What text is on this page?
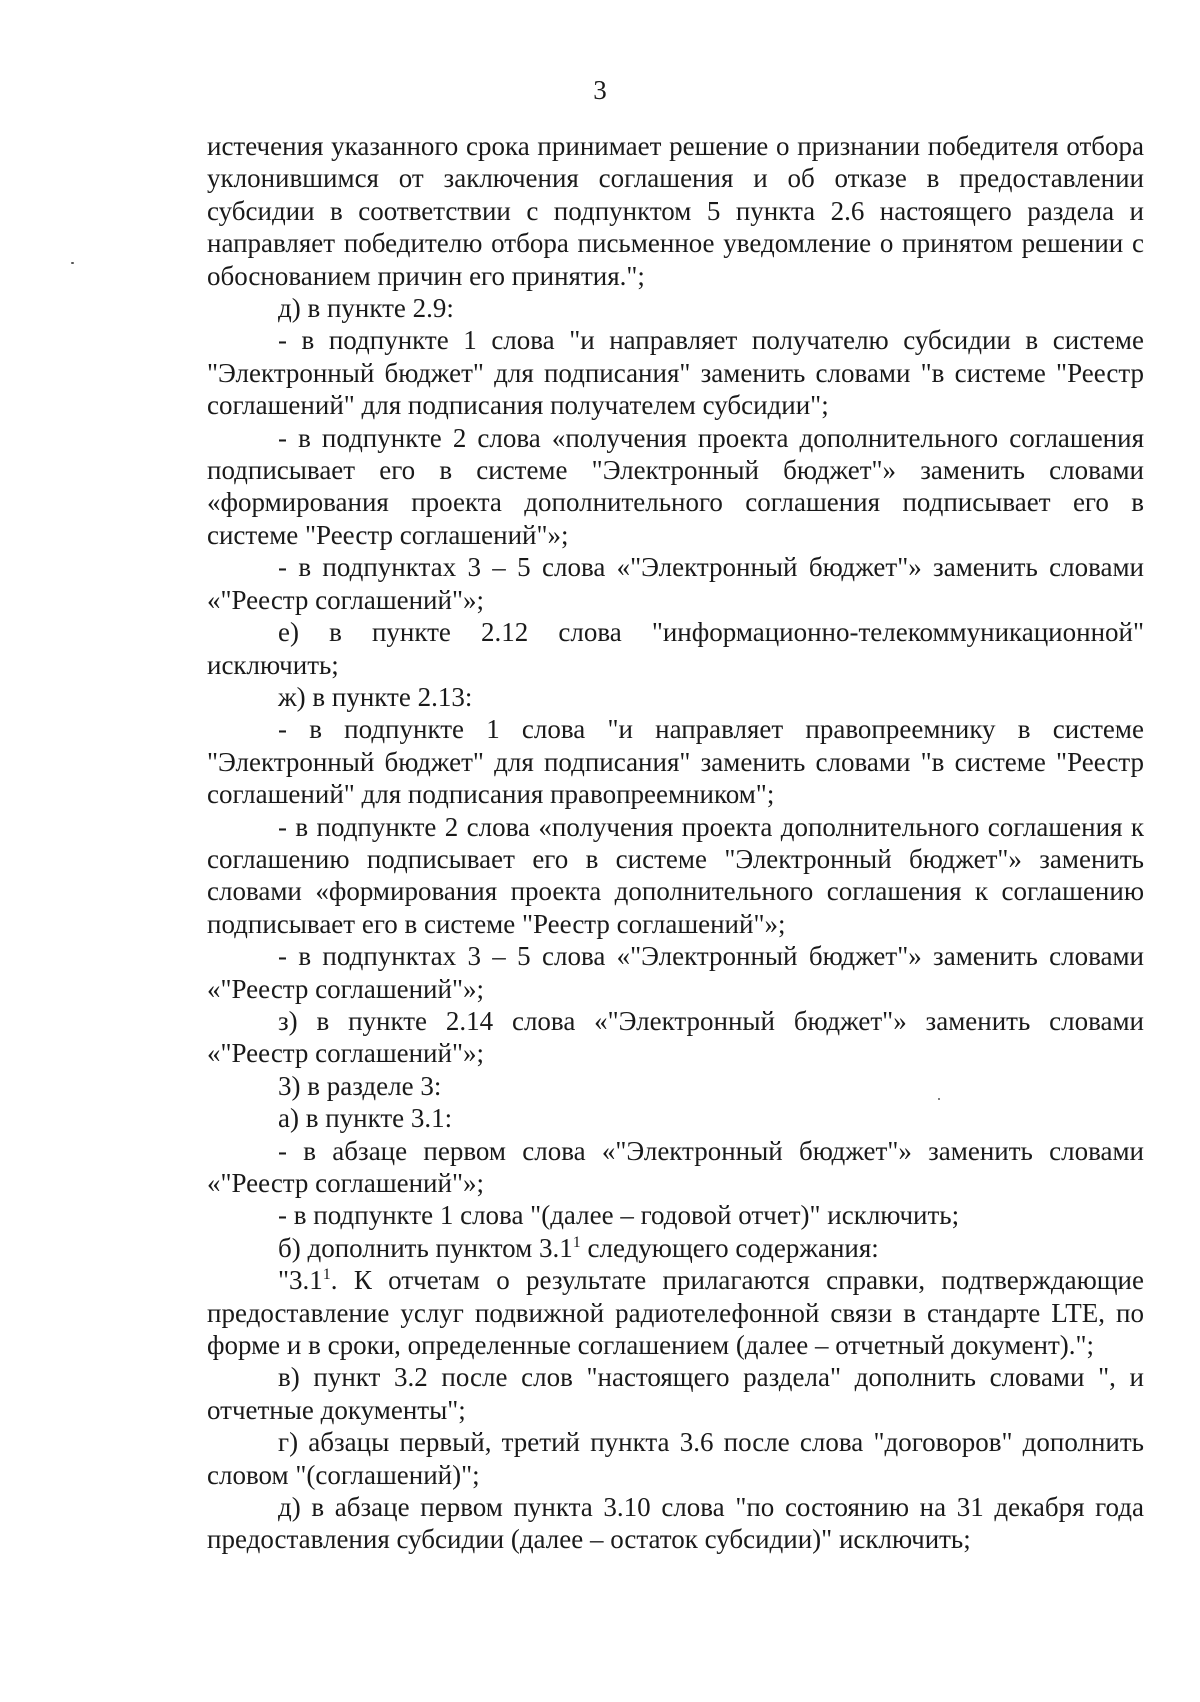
3

истечения указанного срока принимает решение о признании победителя отбора уклонившимся от заключения соглашения и об отказе в предоставлении субсидии в соответствии с подпунктом 5 пункта 2.6 настоящего раздела и направляет победителю отбора письменное уведомление о принятом решении с обоснованием причин его принятия.";

д) в пункте 2.9:

- в подпункте 1 слова "и направляет получателю субсидии в системе "Электронный бюджет" для подписания" заменить словами "в системе "Реестр соглашений" для подписания получателем субсидии";

- в подпункте 2 слова «получения проекта дополнительного соглашения подписывает его в системе "Электронный бюджет"» заменить словами «формирования проекта дополнительного соглашения подписывает его в системе "Реестр соглашений"»;

- в подпунктах 3 – 5 слова «"Электронный бюджет"» заменить словами «"Реестр соглашений"»;

е) в пункте 2.12 слова "информационно-телекоммуникационной" исключить;

ж) в пункте 2.13:

- в подпункте 1 слова "и направляет правопреемнику в системе "Электронный бюджет" для подписания" заменить словами "в системе "Реестр соглашений" для подписания правопреемником";

- в подпункте 2 слова «получения проекта дополнительного соглашения к соглашению подписывает его в системе "Электронный бюджет"» заменить словами «формирования проекта дополнительного соглашения к соглашению подписывает его в системе "Реестр соглашений"»;

- в подпунктах 3 – 5 слова «"Электронный бюджет"» заменить словами «"Реестр соглашений"»;

з) в пункте 2.14 слова «"Электронный бюджет"» заменить словами «"Реестр соглашений"»;

3) в разделе 3:

а) в пункте 3.1:

- в абзаце первом слова «"Электронный бюджет"» заменить словами «"Реестр соглашений"»;

- в подпункте 1 слова "(далее – годовой отчет)" исключить;

б) дополнить пунктом $3.1^1$ следующего содержания:

"$3.1^1$. К отчетам о результате прилагаются справки, подтверждающие предоставление услуг подвижной радиотелефонной связи в стандарте LTE, по форме и в сроки, определенные соглашением (далее – отчетный документ).";

в) пункт 3.2 после слов "настоящего раздела" дополнить словами ", и отчетные документы";

г) абзацы первый, третий пункта 3.6 после слова "договоров" дополнить словом "(соглашений)";

д) в абзаце первом пункта 3.10 слова "по состоянию на 31 декабря года предоставления субсидии (далее – остаток субсидии)" исключить;
